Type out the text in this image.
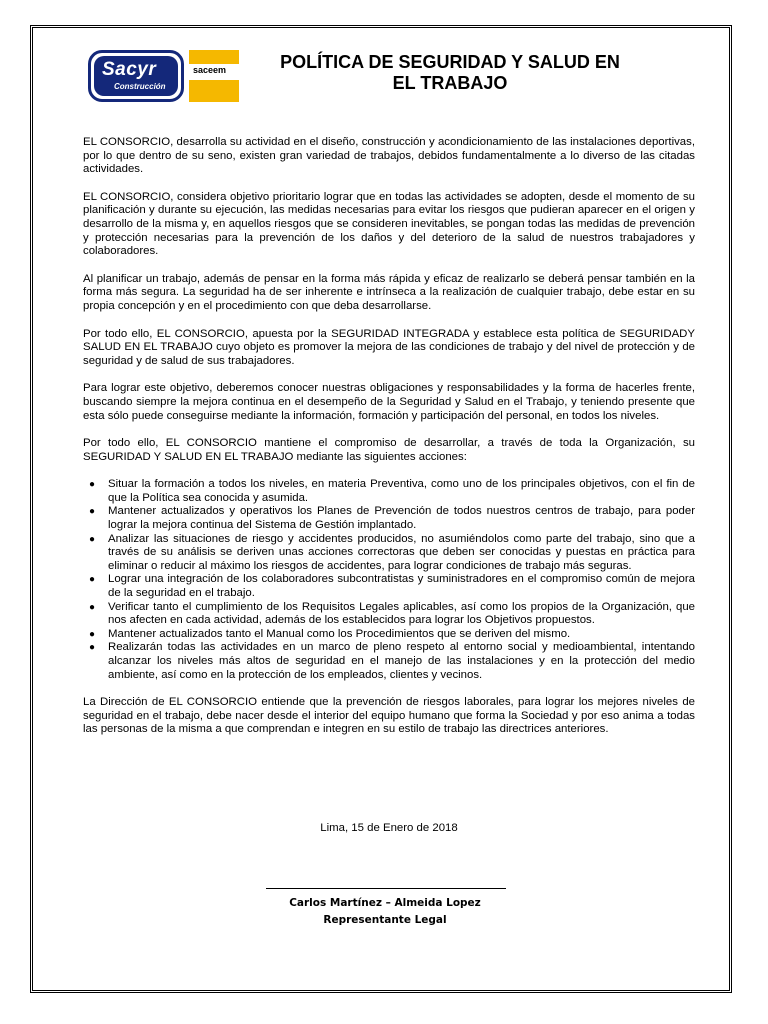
Sacyr
Construcción
saceem	POLÍTICA DE SEGURIDAD Y SALUD EN
EL TRABAJO

EL CONSORCIO, desarrolla su actividad en el diseño, construcción y acondicionamiento de las instalaciones deportivas, por lo que dentro de su seno, existen gran variedad de trabajos, debidos fundamentalmente a lo diverso de las citadas actividades.

EL CONSORCIO, considera objetivo prioritario lograr que en todas las actividades se adopten, desde el momento de su planificación y durante su ejecución, las medidas necesarias para evitar los riesgos que pudieran aparecer en el origen y desarrollo de la misma y, en aquellos riesgos que se consideren inevitables, se pongan todas las medidas de prevención y protección necesarias para la prevención de los daños y del deterioro de la salud de nuestros trabajadores y colaboradores.

Al planificar un trabajo, además de pensar en la forma más rápida y eficaz de realizarlo se deberá pensar también en la forma más segura. La seguridad ha de ser inherente e intrínseca a la realización de cualquier trabajo, debe estar en su propia concepción y en el procedimiento con que deba desarrollarse.

Por todo ello, EL CONSORCIO, apuesta por la SEGURIDAD INTEGRADA y establece esta política de SEGURIDADY SALUD EN EL TRABAJO cuyo objeto es promover la mejora de las condiciones de trabajo y del nivel de protección y de seguridad y de salud de sus trabajadores.

Para lograr este objetivo, deberemos conocer nuestras obligaciones y responsabilidades y la forma de hacerles frente, buscando siempre la mejora continua en el desempeño de la Seguridad y Salud en el Trabajo, y teniendo presente que esta sólo puede conseguirse mediante la información, formación y participación del personal, en todos los niveles.

Por todo ello, EL CONSORCIO mantiene el compromiso de desarrollar, a través de toda la Organización, su SEGURIDAD Y SALUD EN EL TRABAJO mediante las siguientes acciones:

● Situar la formación a todos los niveles, en materia Preventiva, como uno de los principales objetivos, con el fin de que la Política sea conocida y asumida.
● Mantener actualizados y operativos los Planes de Prevención de todos nuestros centros de trabajo, para poder lograr la mejora continua del Sistema de Gestión implantado.
● Analizar las situaciones de riesgo y accidentes producidos, no asumiéndolos como parte del trabajo, sino que a través de su análisis se deriven unas acciones correctoras que deben ser conocidas y puestas en práctica para eliminar o reducir al máximo los riesgos de accidentes, para lograr condiciones de trabajo más seguras.
● Lograr una integración de los colaboradores subcontratistas y suministradores en el compromiso común de mejora de la seguridad en el trabajo.
● Verificar tanto el cumplimiento de los Requisitos Legales aplicables, así como los propios de la Organización, que nos afecten en cada actividad, además de los establecidos para lograr los Objetivos propuestos.
● Mantener actualizados tanto el Manual como los Procedimientos que se deriven del mismo.
● Realizarán todas las actividades en un marco de pleno respeto al entorno social y medioambiental, intentando alcanzar los niveles más altos de seguridad en el manejo de las instalaciones y en la protección del medio ambiente, así como en la protección de los empleados, clientes y vecinos.

La Dirección de EL CONSORCIO entiende que la prevención de riesgos laborales, para lograr los mejores niveles de seguridad en el trabajo, debe nacer desde el interior del equipo humano que forma la Sociedad y por eso anima a todas las personas de la misma a que comprendan e integren en su estilo de trabajo las directrices anteriores.

Lima, 15 de Enero de 2018
Carlos Martínez – Almeida Lopez
Representante Legal
